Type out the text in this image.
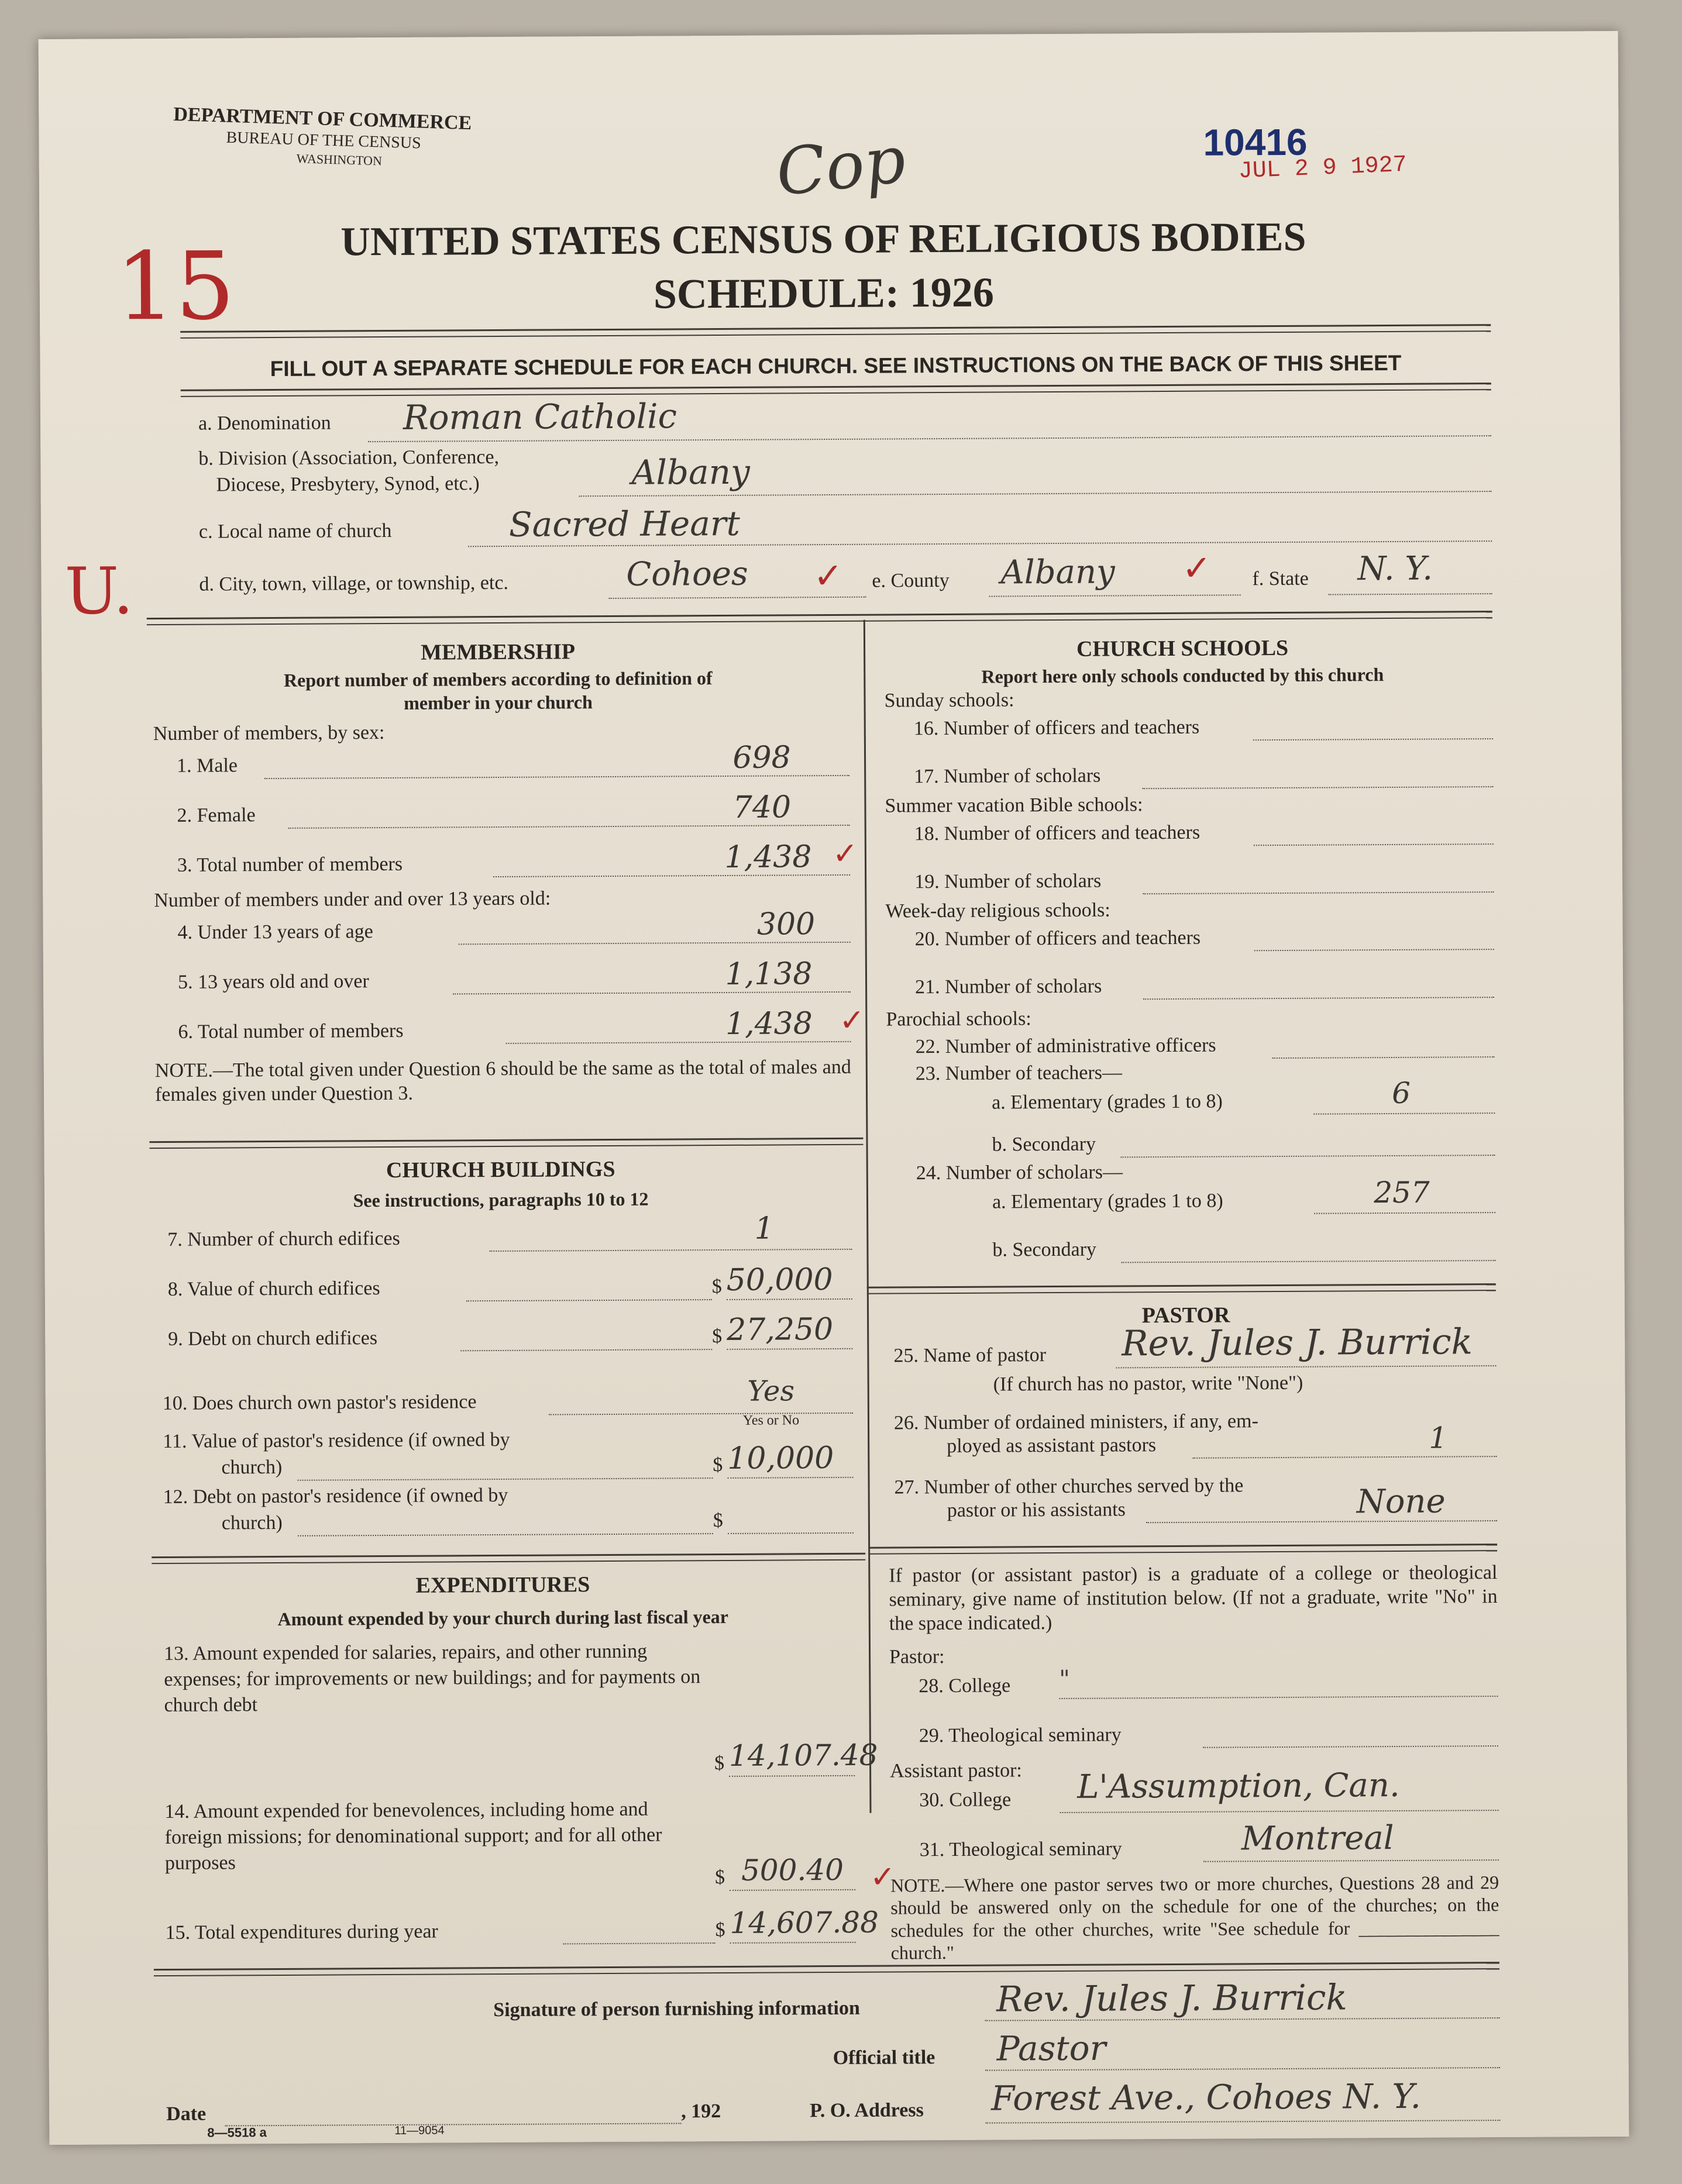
DEPARTMENT OF COMMERCE
BUREAU OF THE CENSUS
WASHINGTON	Cop	10416
JUL 2 9 1927
15
U.
UNITED STATES CENSUS OF RELIGIOUS BODIES
SCHEDULE: 1926
FILL OUT A SEPARATE SCHEDULE FOR EACH CHURCH. SEE INSTRUCTIONS ON THE BACK OF THIS SHEET
a. Denomination Roman Catholic
b. Division (Association, Conference,
Diocese, Presbytery, Synod, etc.)	Albany
c. Local name of church	Sacred Heart
d. City, town, village, or township, etc.	Cohoes ✓ e. County Albany ✓ f. State N. Y.
MEMBERSHIP
Report number of members according to definition of
member in your church
Number of members, by sex:
1. Male	698
2. Female	740
3. Total number of members	1,438 ✓
Number of members under and over 13 years old:
4. Under 13 years of age	300
5. 13 years old and over	1,138
6. Total number of members	1,438 ✓
NOTE.—The total given under Question 6 should be the same as the total of males and females given under Question 3.
CHURCH BUILDINGS
See instructions, paragraphs 10 to 12
7. Number of church edifices	1
8. Value of church edifices	$ 50,000
9. Debt on church edifices	$ 27,250
10. Does church own pastor's residence	Yes
Yes or No
11. Value of pastor's residence (if owned by
church)	$ 10,000
12. Debt on pastor's residence (if owned by
church)	$
EXPENDITURES
Amount expended by your church during last fiscal year
13. Amount expended for salaries, repairs, and other running expenses; for improvements or new buildings; and for payments on church debt
$ 14,107.48
14. Amount expended for benevolences, including home and foreign missions; for denominational support; and for all other purposes
$ 500.40 ✓
15. Total expenditures during year	$ 14,607.88
CHURCH SCHOOLS
Report here only schools conducted by this church
Sunday schools:
16. Number of officers and teachers
17. Number of scholars
Summer vacation Bible schools:
18. Number of officers and teachers
19. Number of scholars
Week-day religious schools:
20. Number of officers and teachers
21. Number of scholars
Parochial schools:
22. Number of administrative officers
23. Number of teachers—
a. Elementary (grades 1 to 8)	6
b. Secondary
24. Number of scholars—
a. Elementary (grades 1 to 8)	257
b. Secondary
PASTOR
25. Name of pastor Rev. Jules J. Burrick
(If church has no pastor, write "None")
26. Number of ordained ministers, if any, em-
ployed as assistant pastors	1
27. Number of other churches served by the
pastor or his assistants	None
If pastor (or assistant pastor) is a graduate of a college or theological seminary, give name of institution below. (If not a graduate, write "No" in the space indicated.)
Pastor:
28. College "
29. Theological seminary
Assistant pastor:
30. College L'Assumption, Can.
31. Theological seminary	Montreal
NOTE.—Where one pastor serves two or more churches, Questions 28 and 29 should be answered only on the schedule for one of the churches; on the schedules for the other churches, write "See schedule for _______________ church."
Signature of person furnishing information	Rev. Jules J. Burrick
Official title Pastor
Date	, 192	P. O. Address Forest Ave., Cohoes N. Y.
8—5518 a	11—9054
